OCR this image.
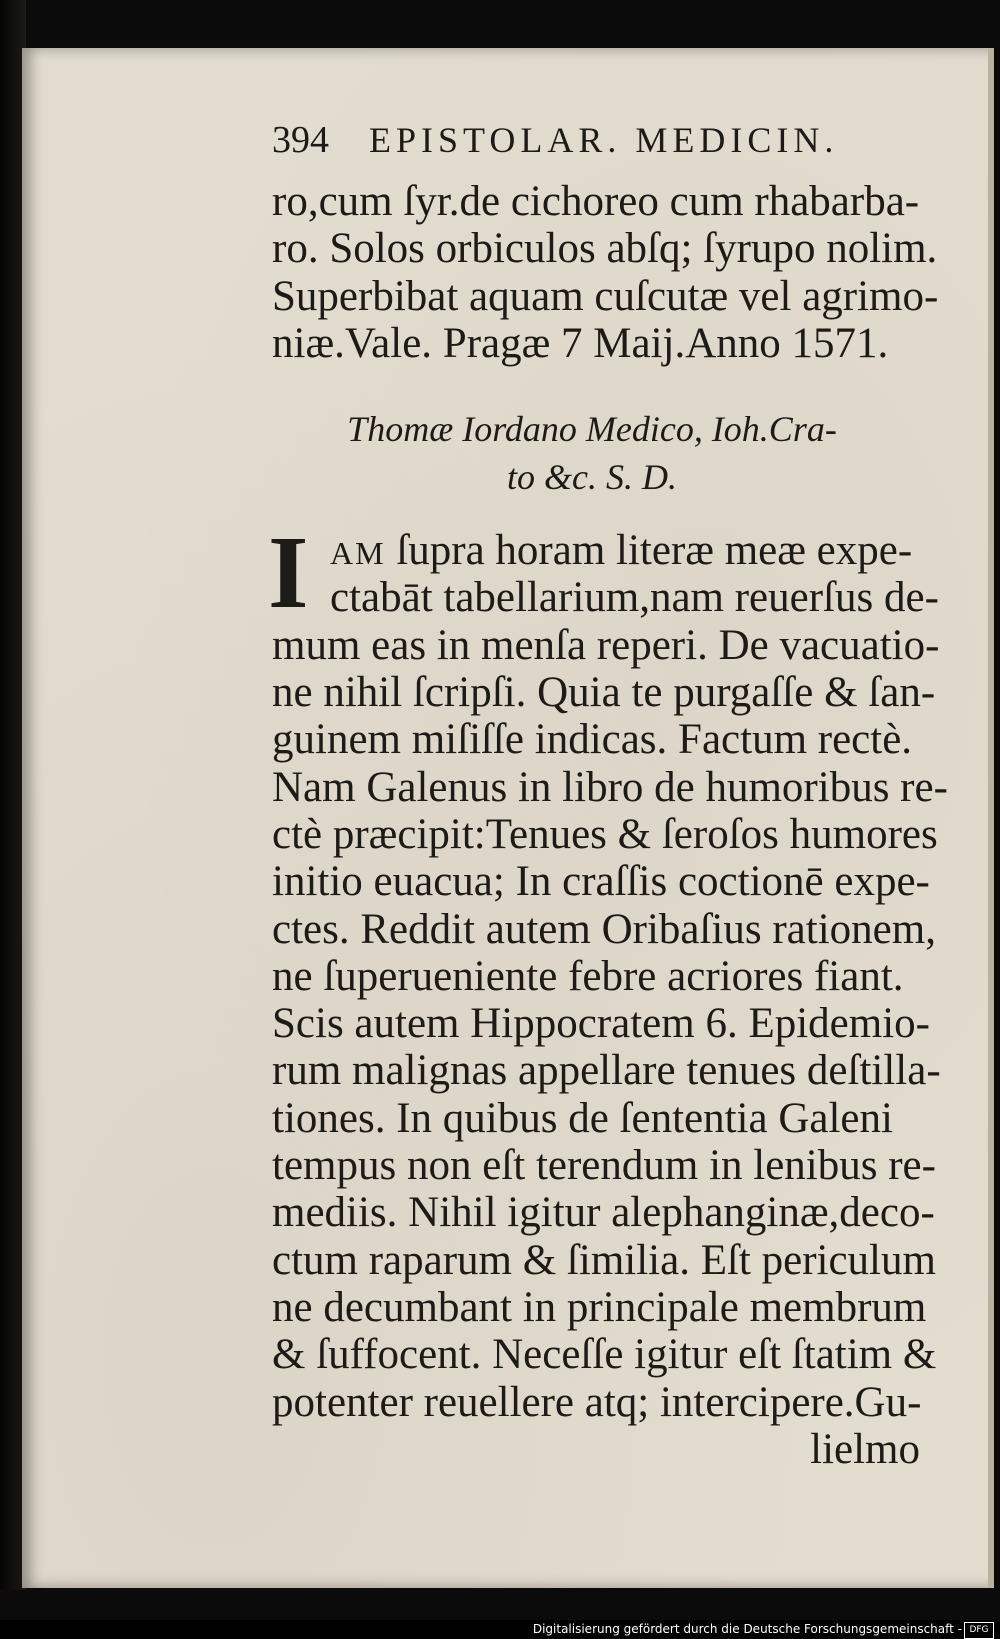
394 EPISTOLAR. MEDICIN.
ro,cum ſyr.de cichoreo cum rhabarba-
ro. Solos orbiculos abſq; ſyrupo nolim.
Superbibat aquam cuſcutæ vel agrimo-
niæ.Vale. Pragæ 7 Maij.Anno 1571.
Thomæ Iordano Medico, Ioh.Cra-
to &c. S. D.
I AM ſupra horam literæ meæ expe-
ctabāt tabellarium,nam reuerſus de-
mum eas in menſa reperi. De vacuatio-
ne nihil ſcripſi. Quia te purgaſſe & ſan-
guinem miſiſſe indicas. Factum rectè.
Nam Galenus in libro de humoribus re-
ctè præcipit:Tenues & ſeroſos humores
initio euacua; In craſſis coctionē expe-
ctes. Reddit autem Oribaſius rationem,
ne ſuperueniente febre acriores fiant.
Scis autem Hippocratem 6. Epidemio-
rum malignas appellare tenues deſtilla-
tiones. In quibus de ſententia Galeni
tempus non eſt terendum in lenibus re-
mediis. Nihil igitur alephanginæ,deco-
ctum raparum & ſimilia. Eſt periculum
ne decumbant in principale membrum
& ſuffocent. Neceſſe igitur eſt ſtatim &
potenter reuellere atq; intercipere.Gu-
lielmo
Digitalisierung gefördert durch die Deutsche Forschungsgemeinschaft - DFG
